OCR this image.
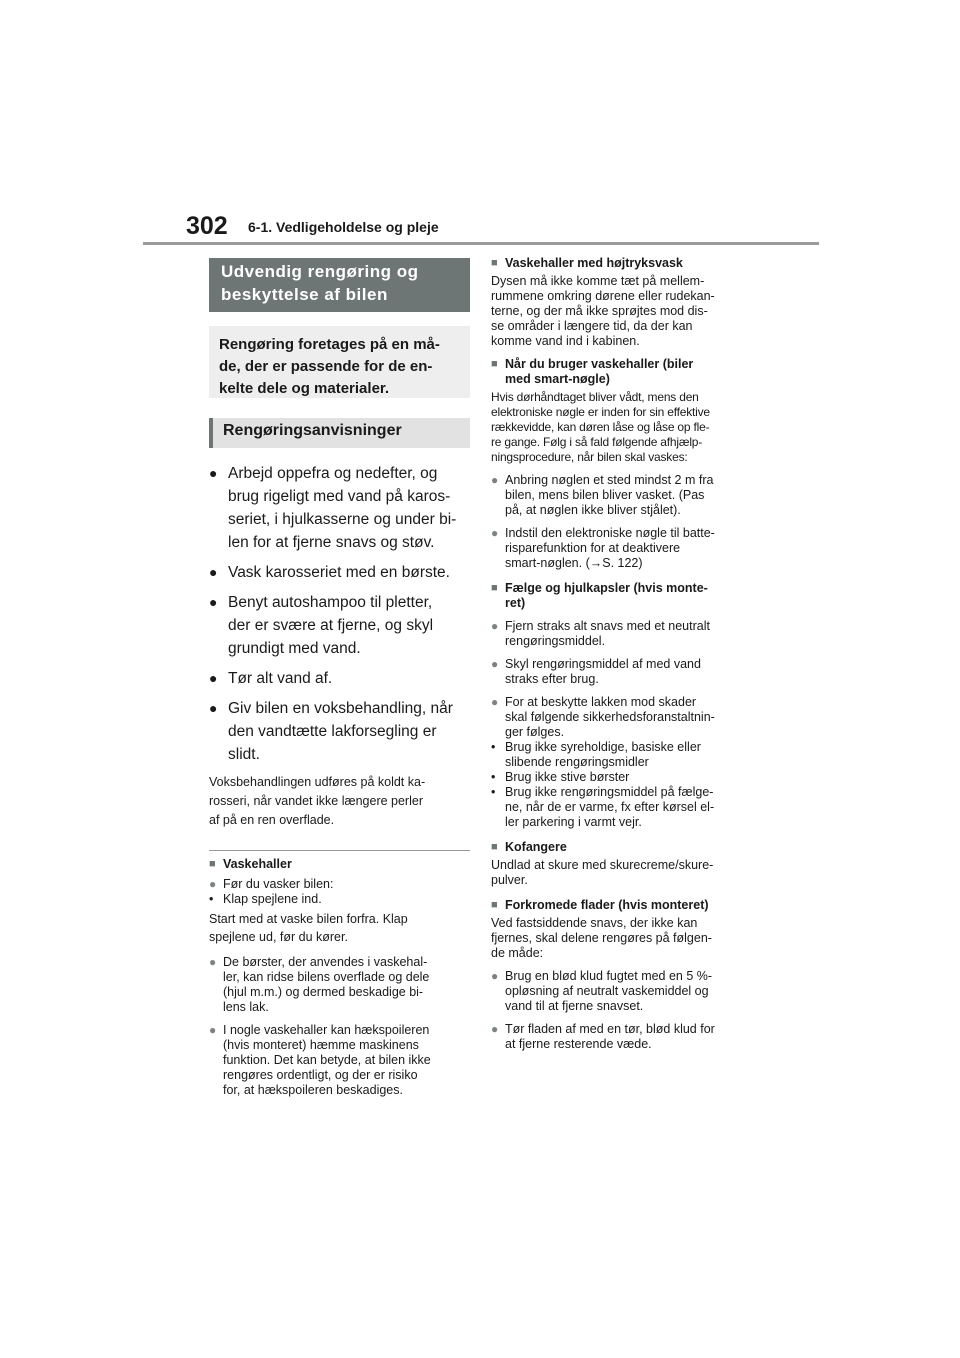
302 6-1. Vedligeholdelse og pleje
Udvendig rengøring og
beskyttelse af bilen
Rengøring foretages på en må-
de, der er passende for de en-
kelte dele og materialer.
Rengøringsanvisninger
● Arbejd oppefra og nedefter, og
brug rigeligt med vand på karos-
seriet, i hjulkasserne og under bi-
len for at fjerne snavs og støv.
● Vask karosseriet med en børste.
● Benyt autoshampoo til pletter,
der er svære at fjerne, og skyl
grundigt med vand.
● Tør alt vand af.
● Giv bilen en voksbehandling, når
den vandtætte lakforsegling er
slidt.
Voksbehandlingen udføres på koldt ka-
rosseri, når vandet ikke længere perler
af på en ren overflade.
■ Vaskehaller
● Før du vasker bilen:
• Klap spejlene ind.
Start med at vaske bilen forfra. Klap
spejlene ud, før du kører.
● De børster, der anvendes i vaskehal-
ler, kan ridse bilens overflade og dele
(hjul m.m.) og dermed beskadige bi-
lens lak.
● I nogle vaskehaller kan hækspoileren
(hvis monteret) hæmme maskinens
funktion. Det kan betyde, at bilen ikke
rengøres ordentligt, og der er risiko
for, at hækspoileren beskadiges.
■ Vaskehaller med højtryksvask
Dysen må ikke komme tæt på mellem-
rummene omkring dørene eller rudekan-
terne, og der må ikke sprøjtes mod dis-
se områder i længere tid, da der kan
komme vand ind i kabinen.
■ Når du bruger vaskehaller (biler
med smart-nøgle)
Hvis dørhåndtaget bliver vådt, mens den
elektroniske nøgle er inden for sin effektive
rækkevidde, kan døren låse og låse op fle-
re gange. Følg i så fald følgende afhjælp-
ningsprocedure, når bilen skal vaskes:
● Anbring nøglen et sted mindst 2 m fra
bilen, mens bilen bliver vasket. (Pas
på, at nøglen ikke bliver stjålet).
● Indstil den elektroniske nøgle til batte-
risparefunktion for at deaktivere
smart-nøglen. (→S. 122)
■ Fælge og hjulkapsler (hvis monte-
ret)
● Fjern straks alt snavs med et neutralt
rengøringsmiddel.
● Skyl rengøringsmiddel af med vand
straks efter brug.
● For at beskytte lakken mod skader
skal følgende sikkerhedsforanstaltnin-
ger følges.
• Brug ikke syreholdige, basiske eller
slibende rengøringsmidler
• Brug ikke stive børster
• Brug ikke rengøringsmiddel på fælge-
ne, når de er varme, fx efter kørsel el-
ler parkering i varmt vejr.
■ Kofangere
Undlad at skure med skurecreme/skure-
pulver.
■ Forkromede flader (hvis monteret)
Ved fastsiddende snavs, der ikke kan
fjernes, skal delene rengøres på følgen-
de måde:
● Brug en blød klud fugtet med en 5 %-
opløsning af neutralt vaskemiddel og
vand til at fjerne snavset.
● Tør fladen af med en tør, blød klud for
at fjerne resterende væde.
